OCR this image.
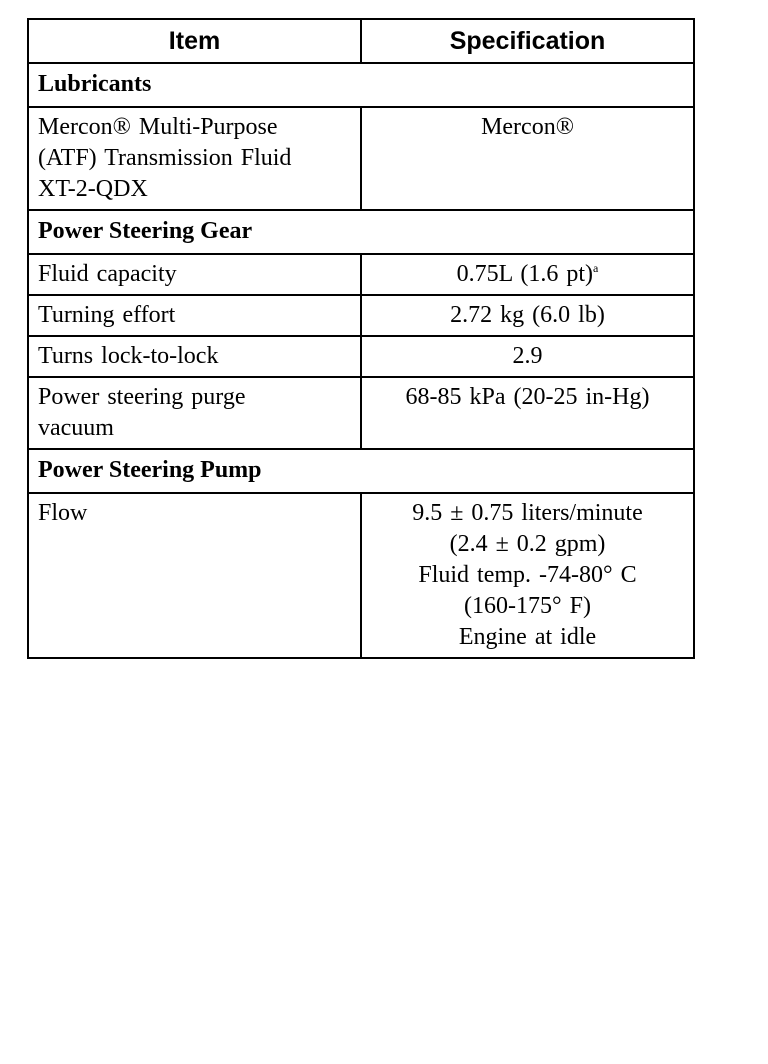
Item	Specification
Lubricants	

Mercon® Multi-Purpose
(ATF) Transmission Fluid
XT-2-QDX	Mercon®

Power Steering Gear	

Fluid capacity	0.75L (1.6 pt)$^a$

Turning effort	2.72 kg (6.0 lb)

Turns lock-to-lock	2.9

Power steering purge
vacuum	68-85 kPa (20-25 in-Hg)

Power Steering Pump	

Flow	9.5 ± 0.75 liters/minute
(2.4 ± 0.2 gpm)
Fluid temp. -74-80° C
(160-175° F)
Engine at idle
